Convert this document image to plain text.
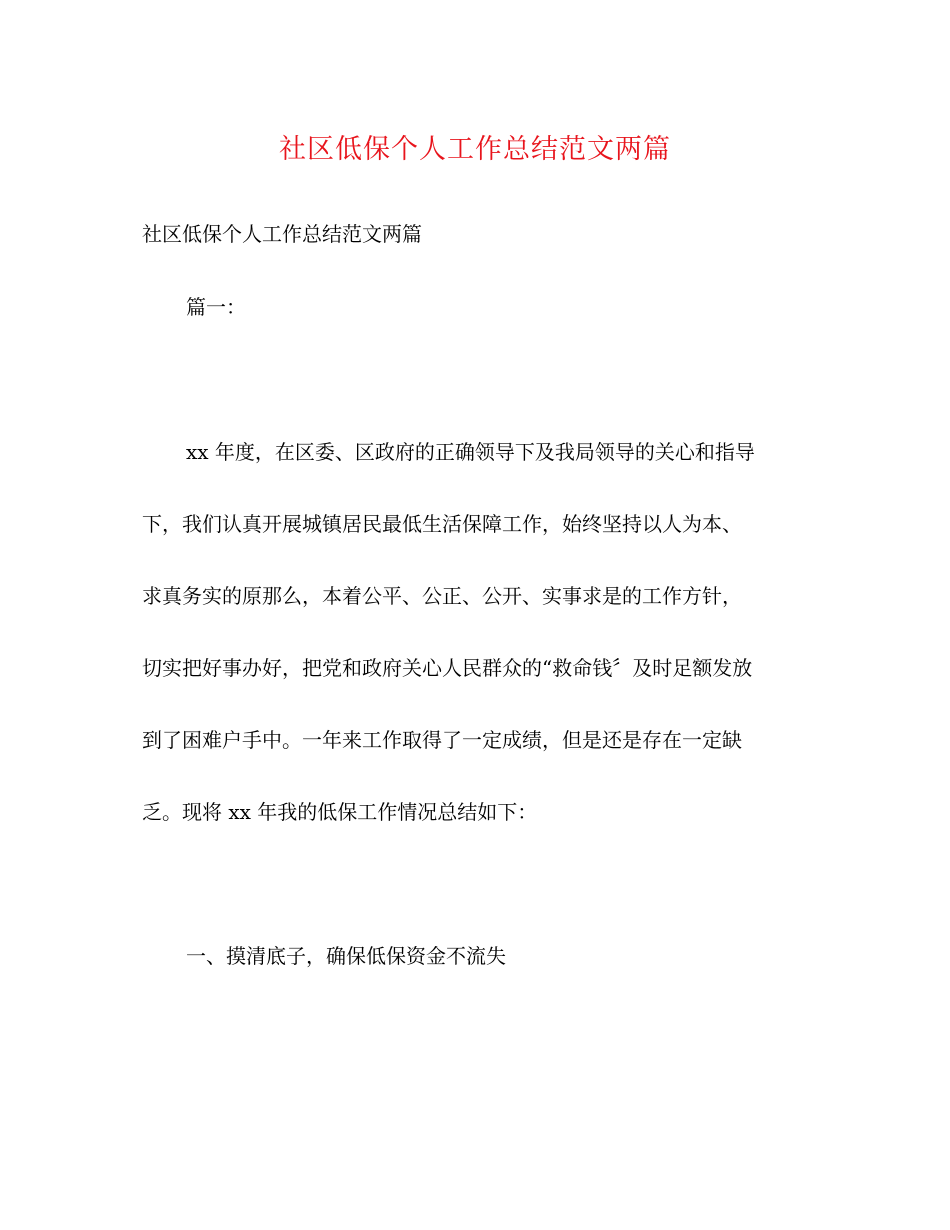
社区低保个人工作总结范文两篇
社区低保个人工作总结范文两篇
篇一：
xx 年度，在区委、区政府的正确领导下及我局领导的关心和指导
下，我们认真开展城镇居民最低生活保障工作，始终坚持以人为本、
求真务实的原那么，本着公平、公正、公开、实事求是的工作方针，
切实把好事办好，把党和政府关心人民群众的“救命钱〞及时足额发放
到了困难户手中。一年来工作取得了一定成绩，但是还是存在一定缺
乏。现将 xx 年我的低保工作情况总结如下：
一、摸清底子，确保低保资金不流失
